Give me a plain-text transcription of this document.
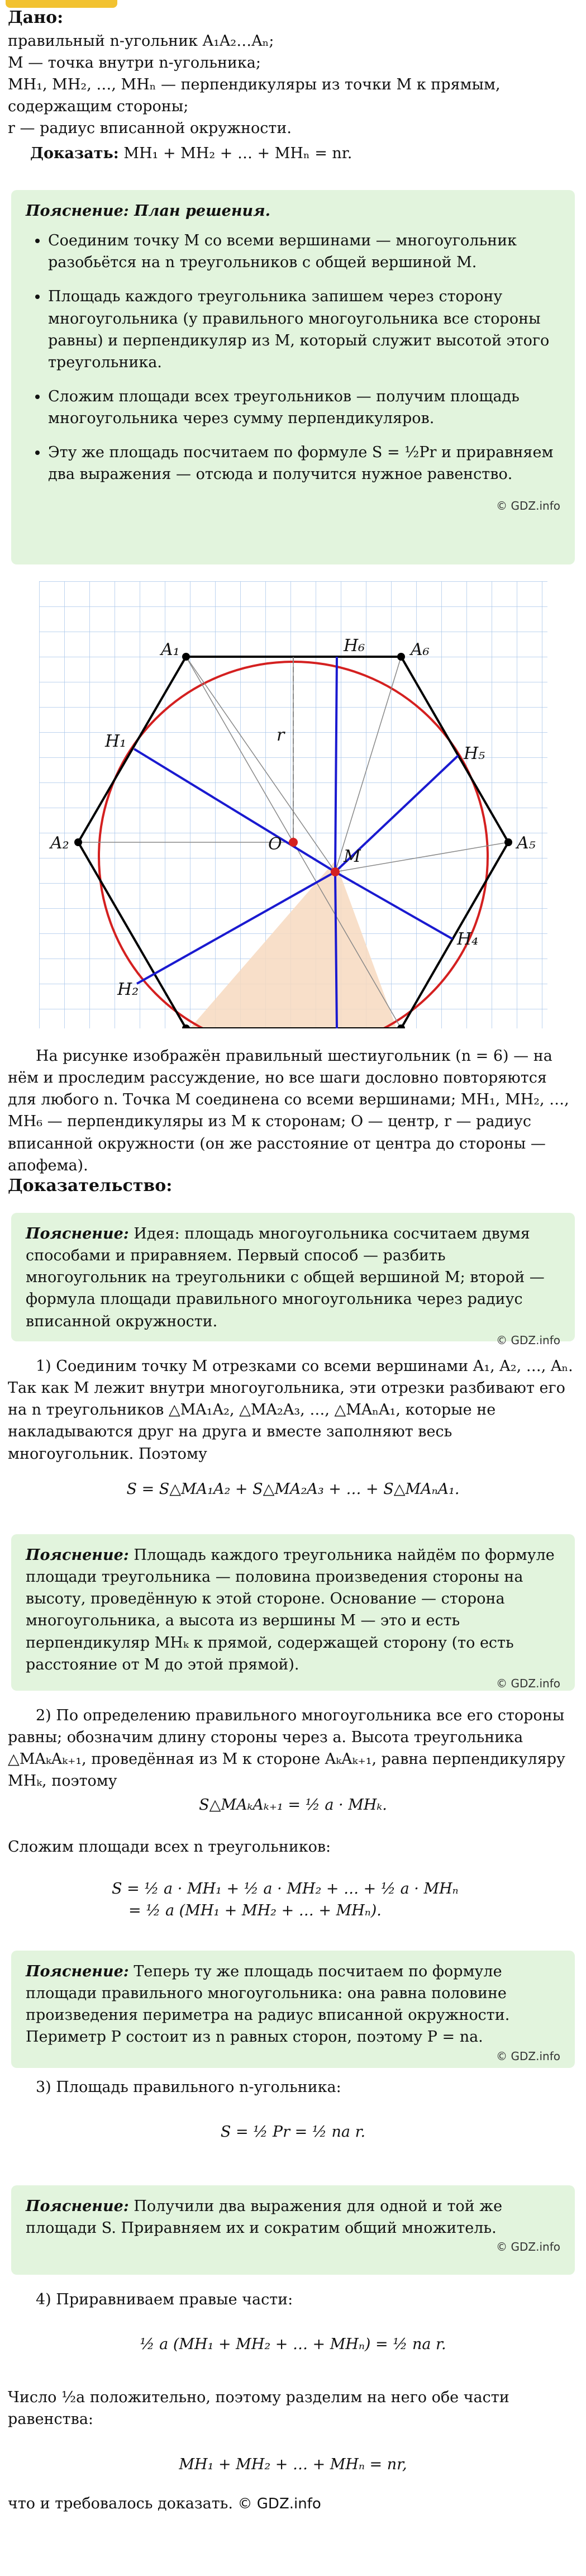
Дано:

правильный n-угольник A₁A₂…Aₙ;

M — точка внутри n-угольника;

MH₁, MH₂, …, MHₙ — перпендикуляры из точки M к прямым, содержащим стороны;

r — радиус вписанной окружности.

Доказать: MH₁ + MH₂ + … + MHₙ = nr.

Пояснение: План решения.

• Соединим точку M со всеми вершинами — многоугольник разобьётся на n треугольников с общей вершиной M.
• Площадь каждого треугольника запишем через сторону многоугольника (у правильного многоугольника все стороны равны) и перпендикуляр из M, который служит высотой этого треугольника.
• Сложим площади всех треугольников — получим площадь многоугольника через сумму перпендикуляров.
• Эту же площадь посчитаем по формуле S = ½Pr и приравняем два выражения — отсюда и получится нужное равенство.

© GDZ.info

A₁	A₆
A₂	A₅
H₁
H₂
H₄
H₅
H₆
O
M
r

На рисунке изображён правильный шестиугольник (n = 6) — на нём и проследим рассуждение, но все шаги дословно повторяются для любого n. Точка M соединена со всеми вершинами; MH₁, MH₂, …, MH₆ — перпендикуляры из M к сторонам; O — центр, r — радиус вписанной окружности (он же расстояние от центра до стороны — апофема).

Доказательство:

Пояснение: Идея: площадь многоугольника сосчитаем двумя способами и приравняем. Первый способ — разбить многоугольник на треугольники с общей вершиной M; второй — формула площади правильного многоугольника через радиус вписанной окружности.

© GDZ.info

1) Соединим точку M отрезками со всеми вершинами A₁, A₂, …, Aₙ. Так как M лежит внутри многоугольника, эти отрезки разбивают его на n треугольников △MA₁A₂, △MA₂A₃, …, △MAₙA₁, которые не накладываются друг на друга и вместе заполняют весь многоугольник. Поэтому

S = S△MA₁A₂ + S△MA₂A₃ + … + S△MAₙA₁.

Пояснение: Площадь каждого треугольника найдём по формуле площади треугольника — половина произведения стороны на высоту, проведённую к этой стороне. Основание — сторона многоугольника, а высота из вершины M — это и есть перпендикуляр MHₖ к прямой, содержащей сторону (то есть расстояние от M до этой прямой).

© GDZ.info

2) По определению правильного многоугольника все его стороны равны; обозначим длину стороны через a. Высота треугольника △MAₖAₖ₊₁, проведённая из M к стороне AₖAₖ₊₁, равна перпендикуляру MHₖ, поэтому

S△MAₖAₖ₊₁ = ½ a · MHₖ.

Сложим площади всех n треугольников:

S = ½ a · MH₁ + ½ a · MH₂ + … + ½ a · MHₙ

= ½ a (MH₁ + MH₂ + … + MHₙ).

Пояснение: Теперь ту же площадь посчитаем по формуле площади правильного многоугольника: она равна половине произведения периметра на радиус вписанной окружности. Периметр P состоит из n равных сторон, поэтому P = na.

© GDZ.info

3) Площадь правильного n-угольника:

S = ½ Pr = ½ na r.

Пояснение: Получили два выражения для одной и той же площади S. Приравняем их и сократим общий множитель.

© GDZ.info

4) Приравниваем правые части:

½ a (MH₁ + MH₂ + … + MHₙ) = ½ na r.

Число ½a положительно, поэтому разделим на него обе части равенства:

MH₁ + MH₂ + … + MHₙ = nr,

что и требовалось доказать. © GDZ.info
